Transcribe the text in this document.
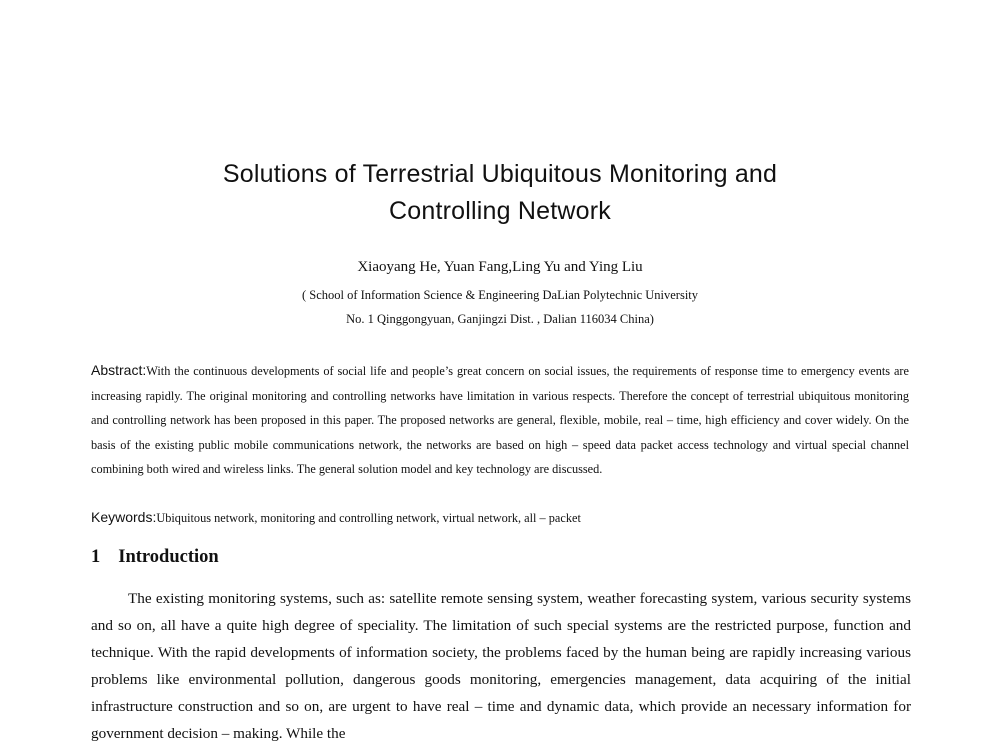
Solutions of Terrestrial Ubiquitous Monitoring and
Controlling Network
Xiaoyang He, Yuan Fang,Ling Yu and Ying Liu
( School of Information Science & Engineering DaLian Polytechnic University
No. 1 Qinggongyuan, Ganjingzi Dist. , Dalian 116034 China)

Abstract:With the continuous developments of social life and people’s great concern on social issues, the requirements of response time to emergency events are increasing rapidly. The original monitoring and controlling networks have limitation in various respects. Therefore the concept of terrestrial ubiquitous monitoring and controlling network has been proposed in this paper. The proposed networks are general, flexible, mobile, real – time, high efficiency and cover widely. On the basis of the existing public mobile communications network, the networks are based on high – speed data packet access technology and virtual special channel combining both wired and wireless links. The general solution model and key technology are discussed.

Keywords:Ubiquitous network, monitoring and controlling network, virtual network, all – packet
1 Introduction

The existing monitoring systems, such as: satellite remote sensing system, weather forecasting system, various security systems and so on, all have a quite high degree of speciality. The limitation of such special systems are the restricted purpose, function and technique. With the rapid developments of information society, the problems faced by the human being are rapidly increasing various problems like environmental pollution, dangerous goods monitoring, emergencies management, data acquiring of the initial infrastructure construction and so on, are urgent to have real – time and dynamic data, which provide an necessary information for government decision – making. While the
